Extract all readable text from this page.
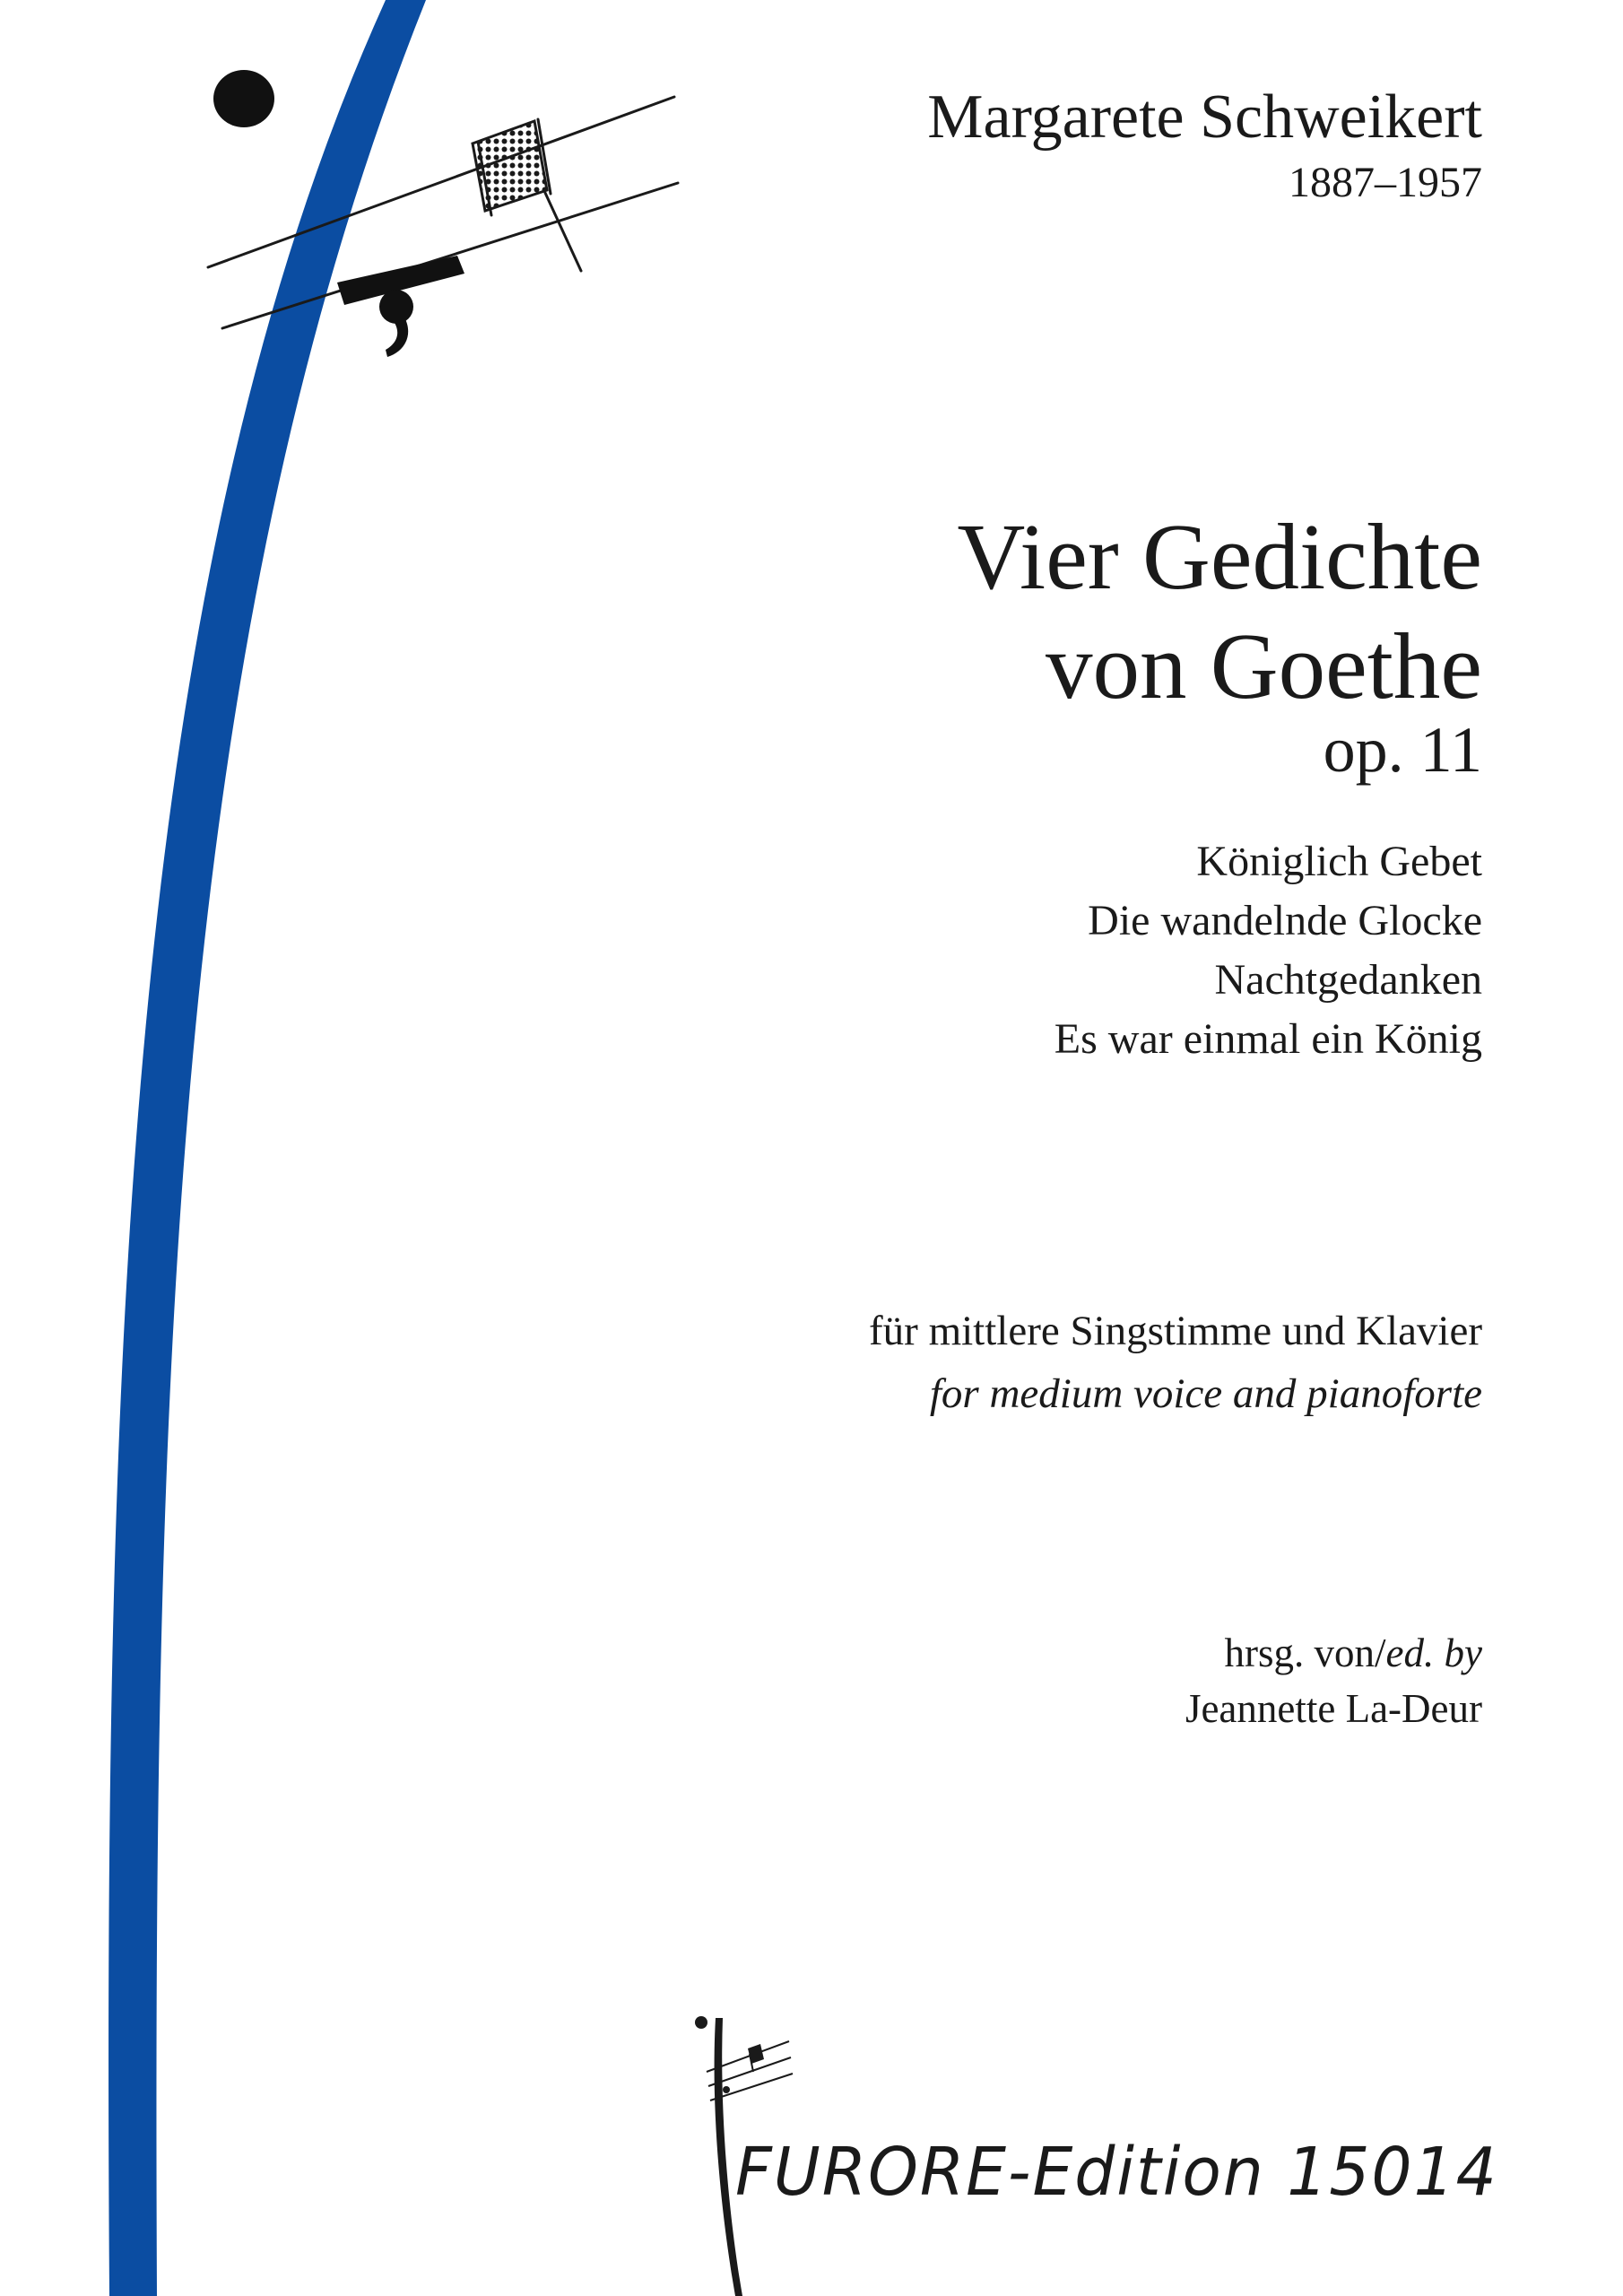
Margarete Schweikert

1887–1957

Vier Gedichte

von Goethe

op. 11

Königlich Gebet
Die wandelnde Glocke
Nachtgedanken
Es war einmal ein König

für mittlere Singstimme und Klavier

for medium voice and pianoforte

hrsg. von/ed. by

Jeannette La-Deur

FURORE-Edition 15014
